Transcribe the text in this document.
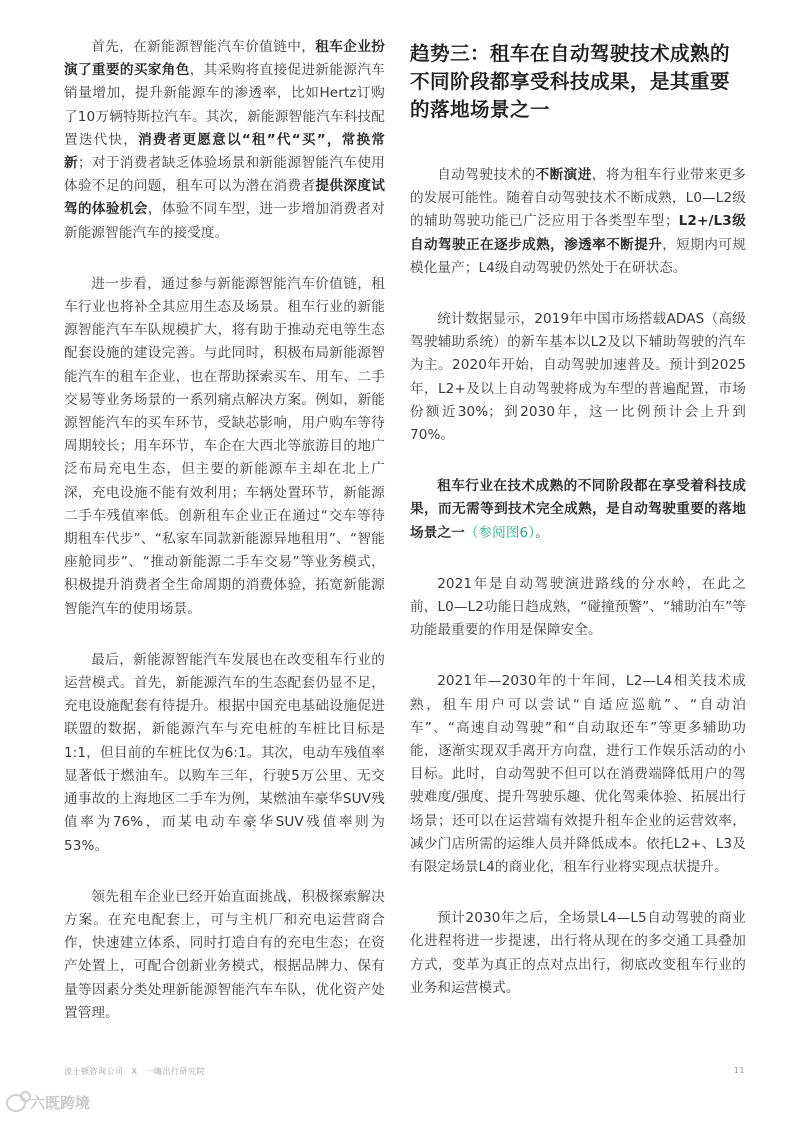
首先，在新能源智能汽车价值链中，租车企业扮演了重要的买家角色，其采购将直接促进新能源汽车销量增加，提升新能源车的渗透率，比如Hertz订购了10万辆特斯拉汽车。其次，新能源智能汽车科技配置迭代快，消费者更愿意以“租”代“买”，常换常新；对于消费者缺乏体验场景和新能源智能汽车使用体验不足的问题，租车可以为潜在消费者提供深度试驾的体验机会，体验不同车型，进一步增加消费者对新能源智能汽车的接受度。

进一步看，通过参与新能源智能汽车价值链，租车行业也将补全其应用生态及场景。租车行业的新能源智能汽车车队规模扩大，将有助于推动充电等生态配套设施的建设完善。与此同时，积极布局新能源智能汽车的租车企业，也在帮助探索买车、用车、二手交易等业务场景的一系列痛点解决方案。例如，新能源智能汽车的买车环节，受缺芯影响，用户购车等待周期较长；用车环节，车企在大西北等旅游目的地广泛布局充电生态，但主要的新能源车主却在北上广深，充电设施不能有效利用；车辆处置环节，新能源二手车残值率低。创新租车企业正在通过“交车等待期租车代步”、“私家车同款新能源异地租用”、“智能座舱同步”、“推动新能源二手车交易”等业务模式，积极提升消费者全生命周期的消费体验，拓宽新能源智能汽车的使用场景。

最后，新能源智能汽车发展也在改变租车行业的运营模式。首先，新能源汽车的生态配套仍显不足，充电设施配套有待提升。根据中国充电基础设施促进联盟的数据，新能源汽车与充电桩的车桩比目标是1:1，但目前的车桩比仅为6:1。其次，电动车残值率显著低于燃油车。以购车三年，行驶5万公里、无交通事故的上海地区二手车为例，某燃油车豪华SUV残值率为76%，而某电动车豪华SUV残值率则为53%。

领先租车企业已经开始直面挑战，积极探索解决方案。在充电配套上，可与主机厂和充电运营商合作，快速建立体系，同时打造自有的充电生态；在资产处置上，可配合创新业务模式，根据品牌力、保有量等因素分类处理新能源智能汽车车队，优化资产处置管理。

趋势三：租车在自动驾驶技术成熟的不同阶段都享受科技成果，是其重要的落地场景之一

自动驾驶技术的不断演进，将为租车行业带来更多的发展可能性。随着自动驾驶技术不断成熟，L0—L2级的辅助驾驶功能已广泛应用于各类型车型；L2+/L3级自动驾驶正在逐步成熟，渗透率不断提升，短期内可规模化量产；L4级自动驾驶仍然处于在研状态。

统计数据显示，2019年中国市场搭载ADAS（高级驾驶辅助系统）的新车基本以L2及以下辅助驾驶的汽车为主。2020年开始，自动驾驶加速普及。预计到2025年，L2+及以上自动驾驶将成为车型的普遍配置，市场份额近30%；到2030年，这一比例预计会上升到70%。

租车行业在技术成熟的不同阶段都在享受着科技成果，而无需等到技术完全成熟，是自动驾驶重要的落地场景之一（参阅图6）。

2021年是自动驾驶演进路线的分水岭，在此之前，L0—L2功能日趋成熟，“碰撞预警”、“辅助泊车”等功能最重要的作用是保障安全。

2021年—2030年的十年间，L2—L4相关技术成熟，租车用户可以尝试“自适应巡航”、“自动泊车”、“高速自动驾驶”和“自动取还车”等更多辅助功能，逐渐实现双手离开方向盘，进行工作娱乐活动的小目标。此时，自动驾驶不但可以在消费端降低用户的驾驶难度/强度、提升驾驶乐趣、优化驾乘体验、拓展出行场景；还可以在运营端有效提升租车企业的运营效率，减少门店所需的运维人员并降低成本。依托L2+、L3及有限定场景L4的商业化，租车行业将实现点状提升。

预计2030年之后，全场景L4—L5自动驾驶的商业化进程将进一步提速，出行将从现在的多交通工具叠加方式，变革为真正的点对点出行，彻底改变租车行业的业务和运营模式。

波士顿咨询公司 X 一嗨出行研究院	11
六既跨境
